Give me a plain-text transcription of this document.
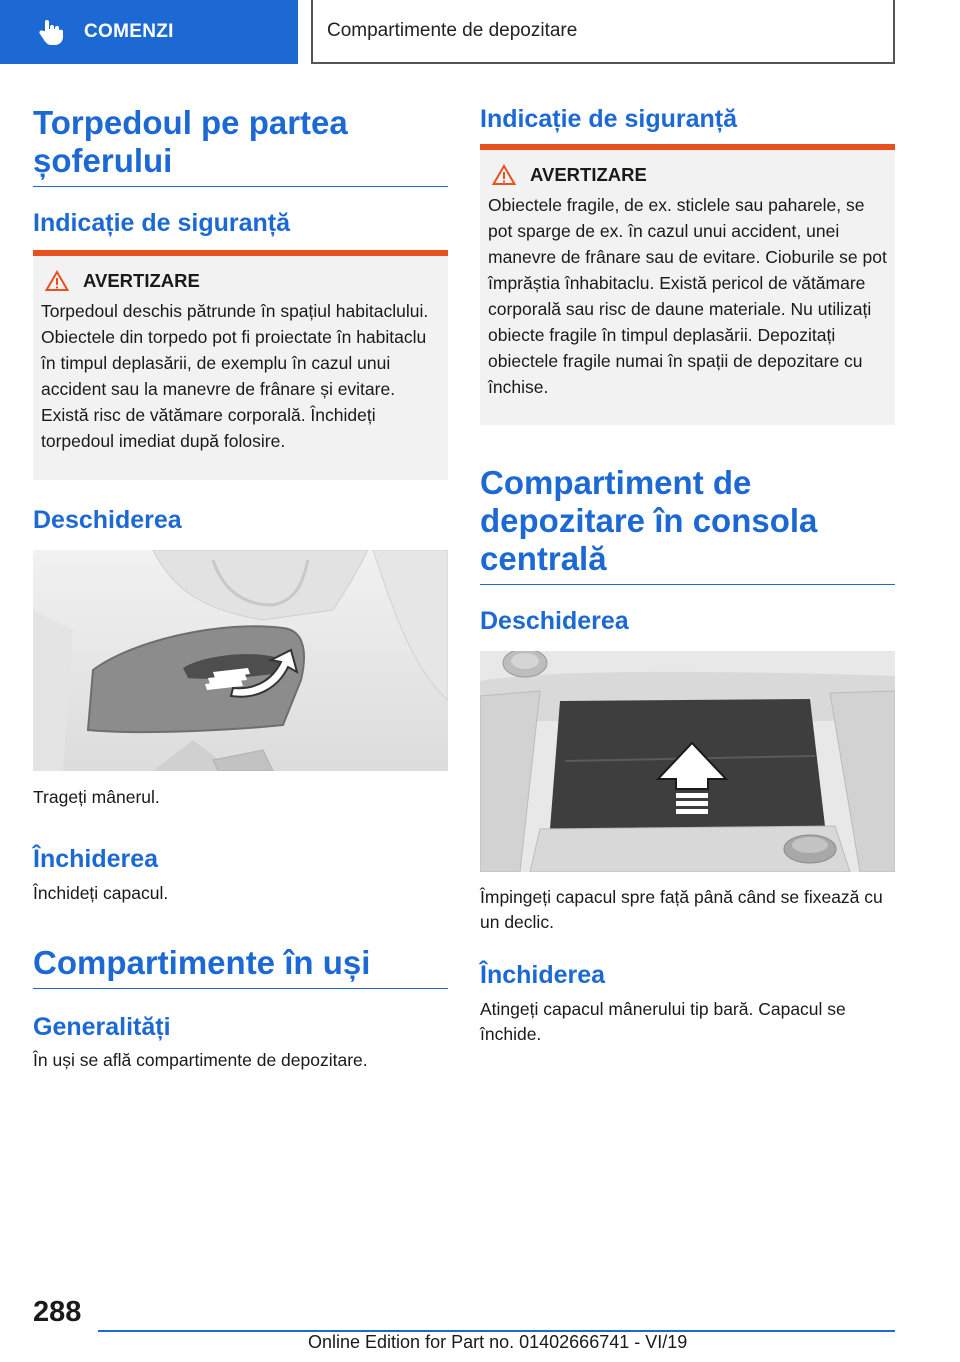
COMENZI	Compartimente de depozitare
Torpedoul pe partea șoferului
Indicație de siguranță
AVERTIZARE

Torpedoul deschis pătrunde în spațiul habitaclului. Obiectele din torpedo pot fi proiectate în habitaclu în timpul deplasării, de exemplu în cazul unui accident sau la manevre de frânare și evitare. Există risc de vătămare corporală. Închideți torpedoul imediat după folosire.

Deschiderea

Trageți mânerul.

Închiderea

Închideți capacul.

Compartimente în uși
Generalități

În uși se află compartimente de depozitare.

Indicație de siguranță
AVERTIZARE

Obiectele fragile, de ex. sticlele sau paharele, se pot sparge de ex. în cazul unui accident, unei manevre de frânare sau de evitare. Cioburile se pot împrăștia înhabitaclu. Există pericol de vătămare corporală sau risc de daune materiale. Nu utilizați obiecte fragile în timpul deplasării. Depozitați obiectele fragile numai în spații de depozitare cu închise.

Compartiment de depozitare în consola centrală
Deschiderea

Împingeți capacul spre față până când se fixează cu un declic.

Închiderea

Atingeți capacul mânerului tip bară. Capacul se închide.

288
Online Edition for Part no. 01402666741 - VI/19
